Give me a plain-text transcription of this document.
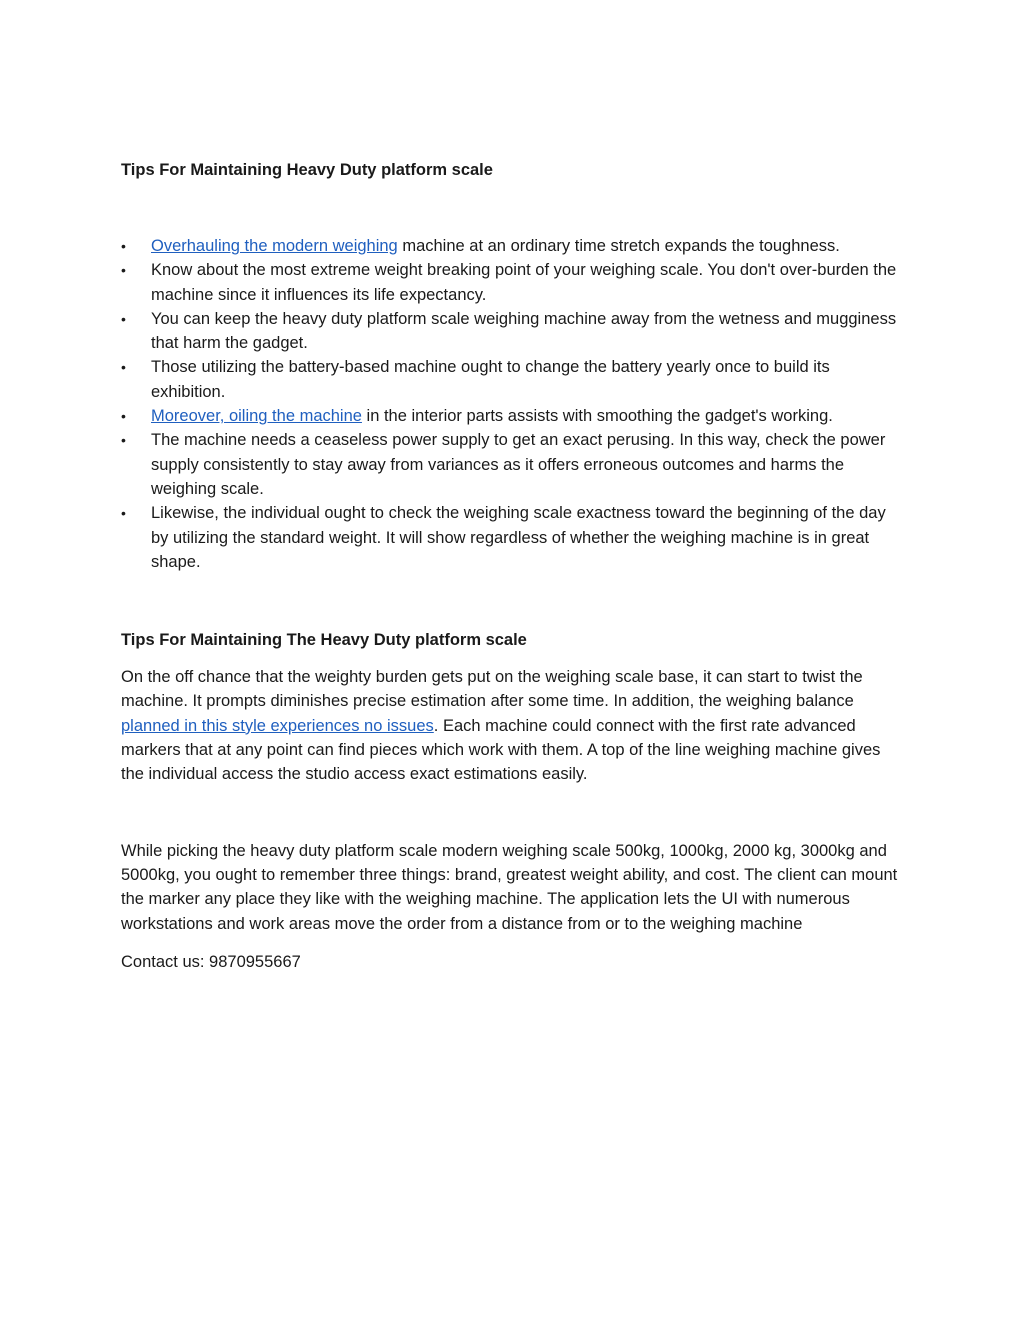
Tips For Maintaining Heavy Duty platform scale
• Overhauling the modern weighing machine at an ordinary time stretch expands the toughness.
• Know about the most extreme weight breaking point of your weighing scale. You don't over-burden the machine since it influences its life expectancy.
• You can keep the heavy duty platform scale weighing machine away from the wetness and mugginess that harm the gadget.
• Those utilizing the battery-based machine ought to change the battery yearly once to build its exhibition.
• Moreover, oiling the machine in the interior parts assists with smoothing the gadget's working.
• The machine needs a ceaseless power supply to get an exact perusing. In this way, check the power supply consistently to stay away from variances as it offers erroneous outcomes and harms the weighing scale.
• Likewise, the individual ought to check the weighing scale exactness toward the beginning of the day by utilizing the standard weight. It will show regardless of whether the weighing machine is in great shape.
Tips For Maintaining The Heavy Duty platform scale

On the off chance that the weighty burden gets put on the weighing scale base, it can start to twist the machine. It prompts diminishes precise estimation after some time. In addition, the weighing balance planned in this style experiences no issues. Each machine could connect with the first rate advanced markers that at any point can find pieces which work with them. A top of the line weighing machine gives the individual access the studio access exact estimations easily.

While picking the heavy duty platform scale modern weighing scale 500kg, 1000kg, 2000 kg, 3000kg and 5000kg, you ought to remember three things: brand, greatest weight ability, and cost. The client can mount the marker any place they like with the weighing machine. The application lets the UI with numerous workstations and work areas move the order from a distance from or to the weighing machine

Contact us: 9870955667
